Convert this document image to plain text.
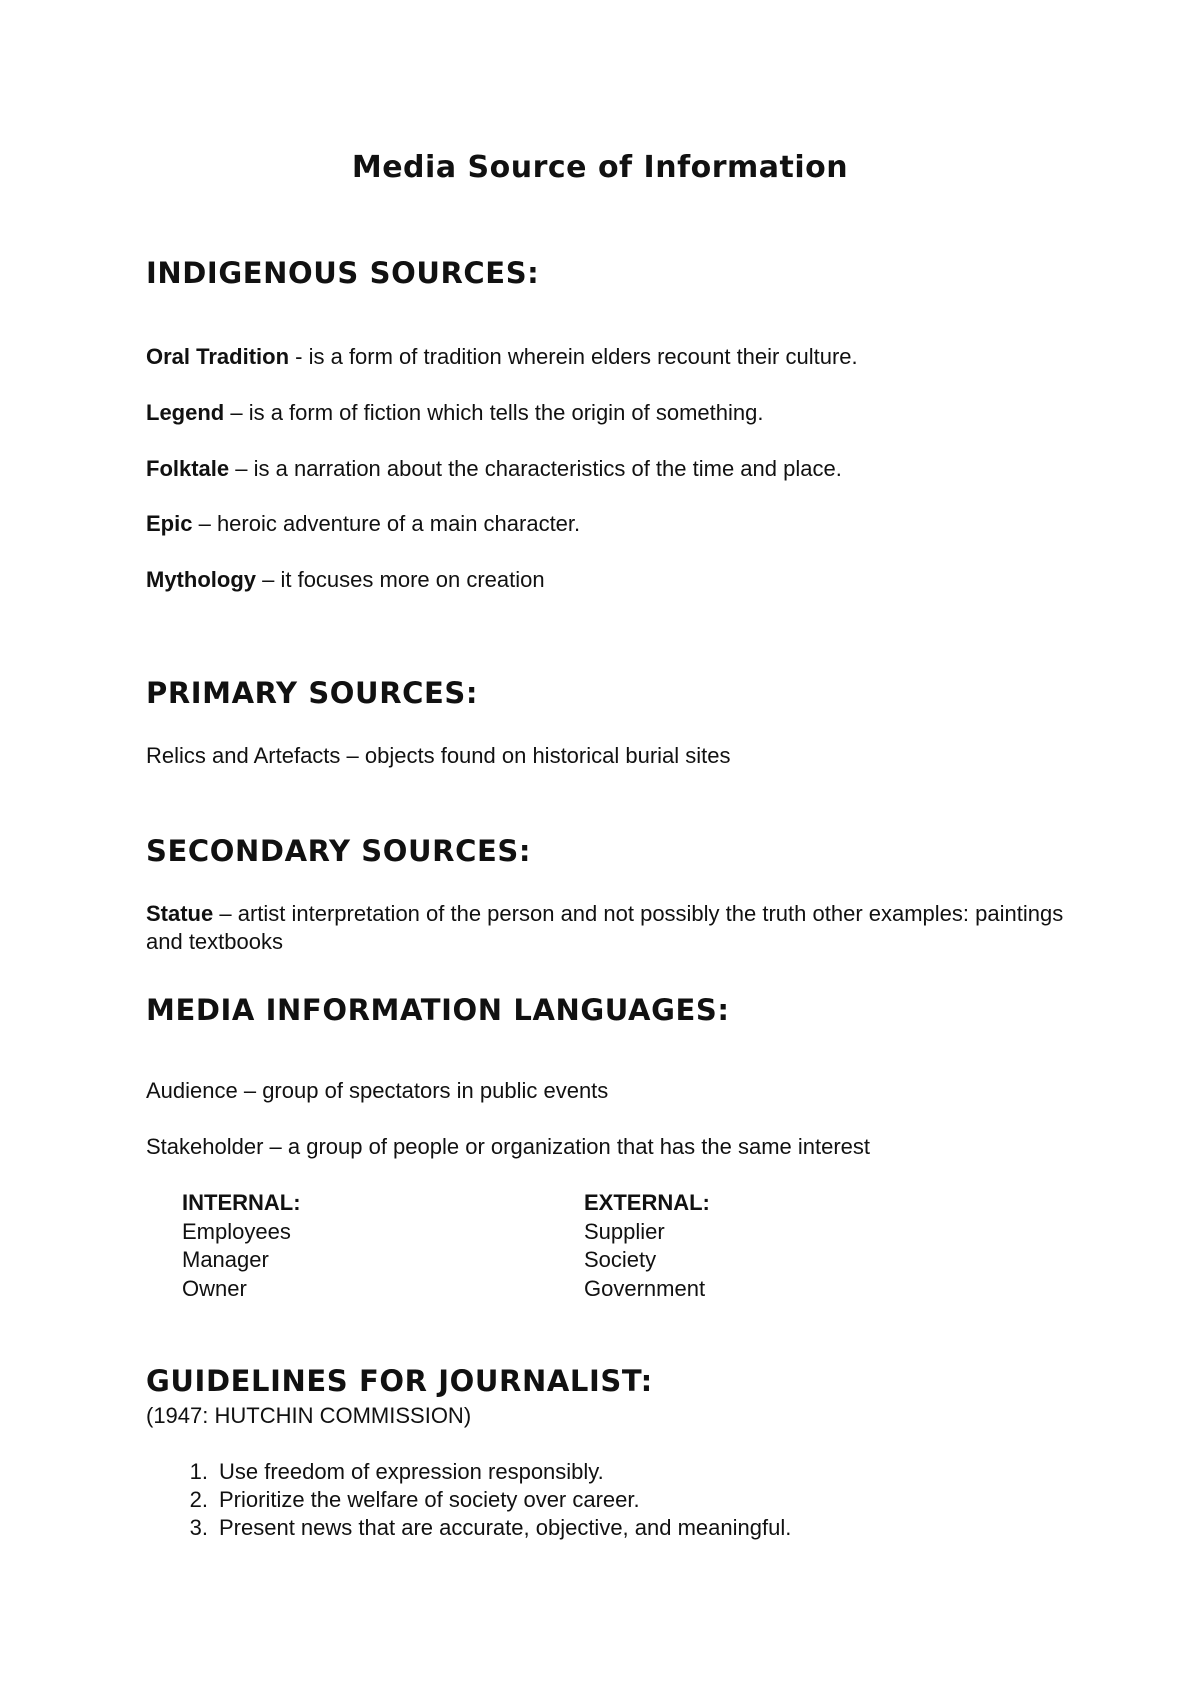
Media Source of Information
INDIGENOUS SOURCES:
Oral Tradition - is a form of tradition wherein elders recount their culture.
Legend – is a form of fiction which tells the origin of something.
Folktale – is a narration about the characteristics of the time and place.
Epic – heroic adventure of a main character.
Mythology – it focuses more on creation
PRIMARY SOURCES:
Relics and Artefacts – objects found on historical burial sites
SECONDARY SOURCES:
Statue – artist interpretation of the person and not possibly the truth other examples: paintings and textbooks
MEDIA INFORMATION LANGUAGES:
Audience – group of spectators in public events
Stakeholder – a group of people or organization that has the same interest
INTERNAL:
Employees
Manager
Owner
EXTERNAL:
Supplier
Society
Government
GUIDELINES FOR JOURNALIST:
(1947: HUTCHIN COMMISSION)
1. Use freedom of expression responsibly.
2. Prioritize the welfare of society over career.
3. Present news that are accurate, objective, and meaningful.
